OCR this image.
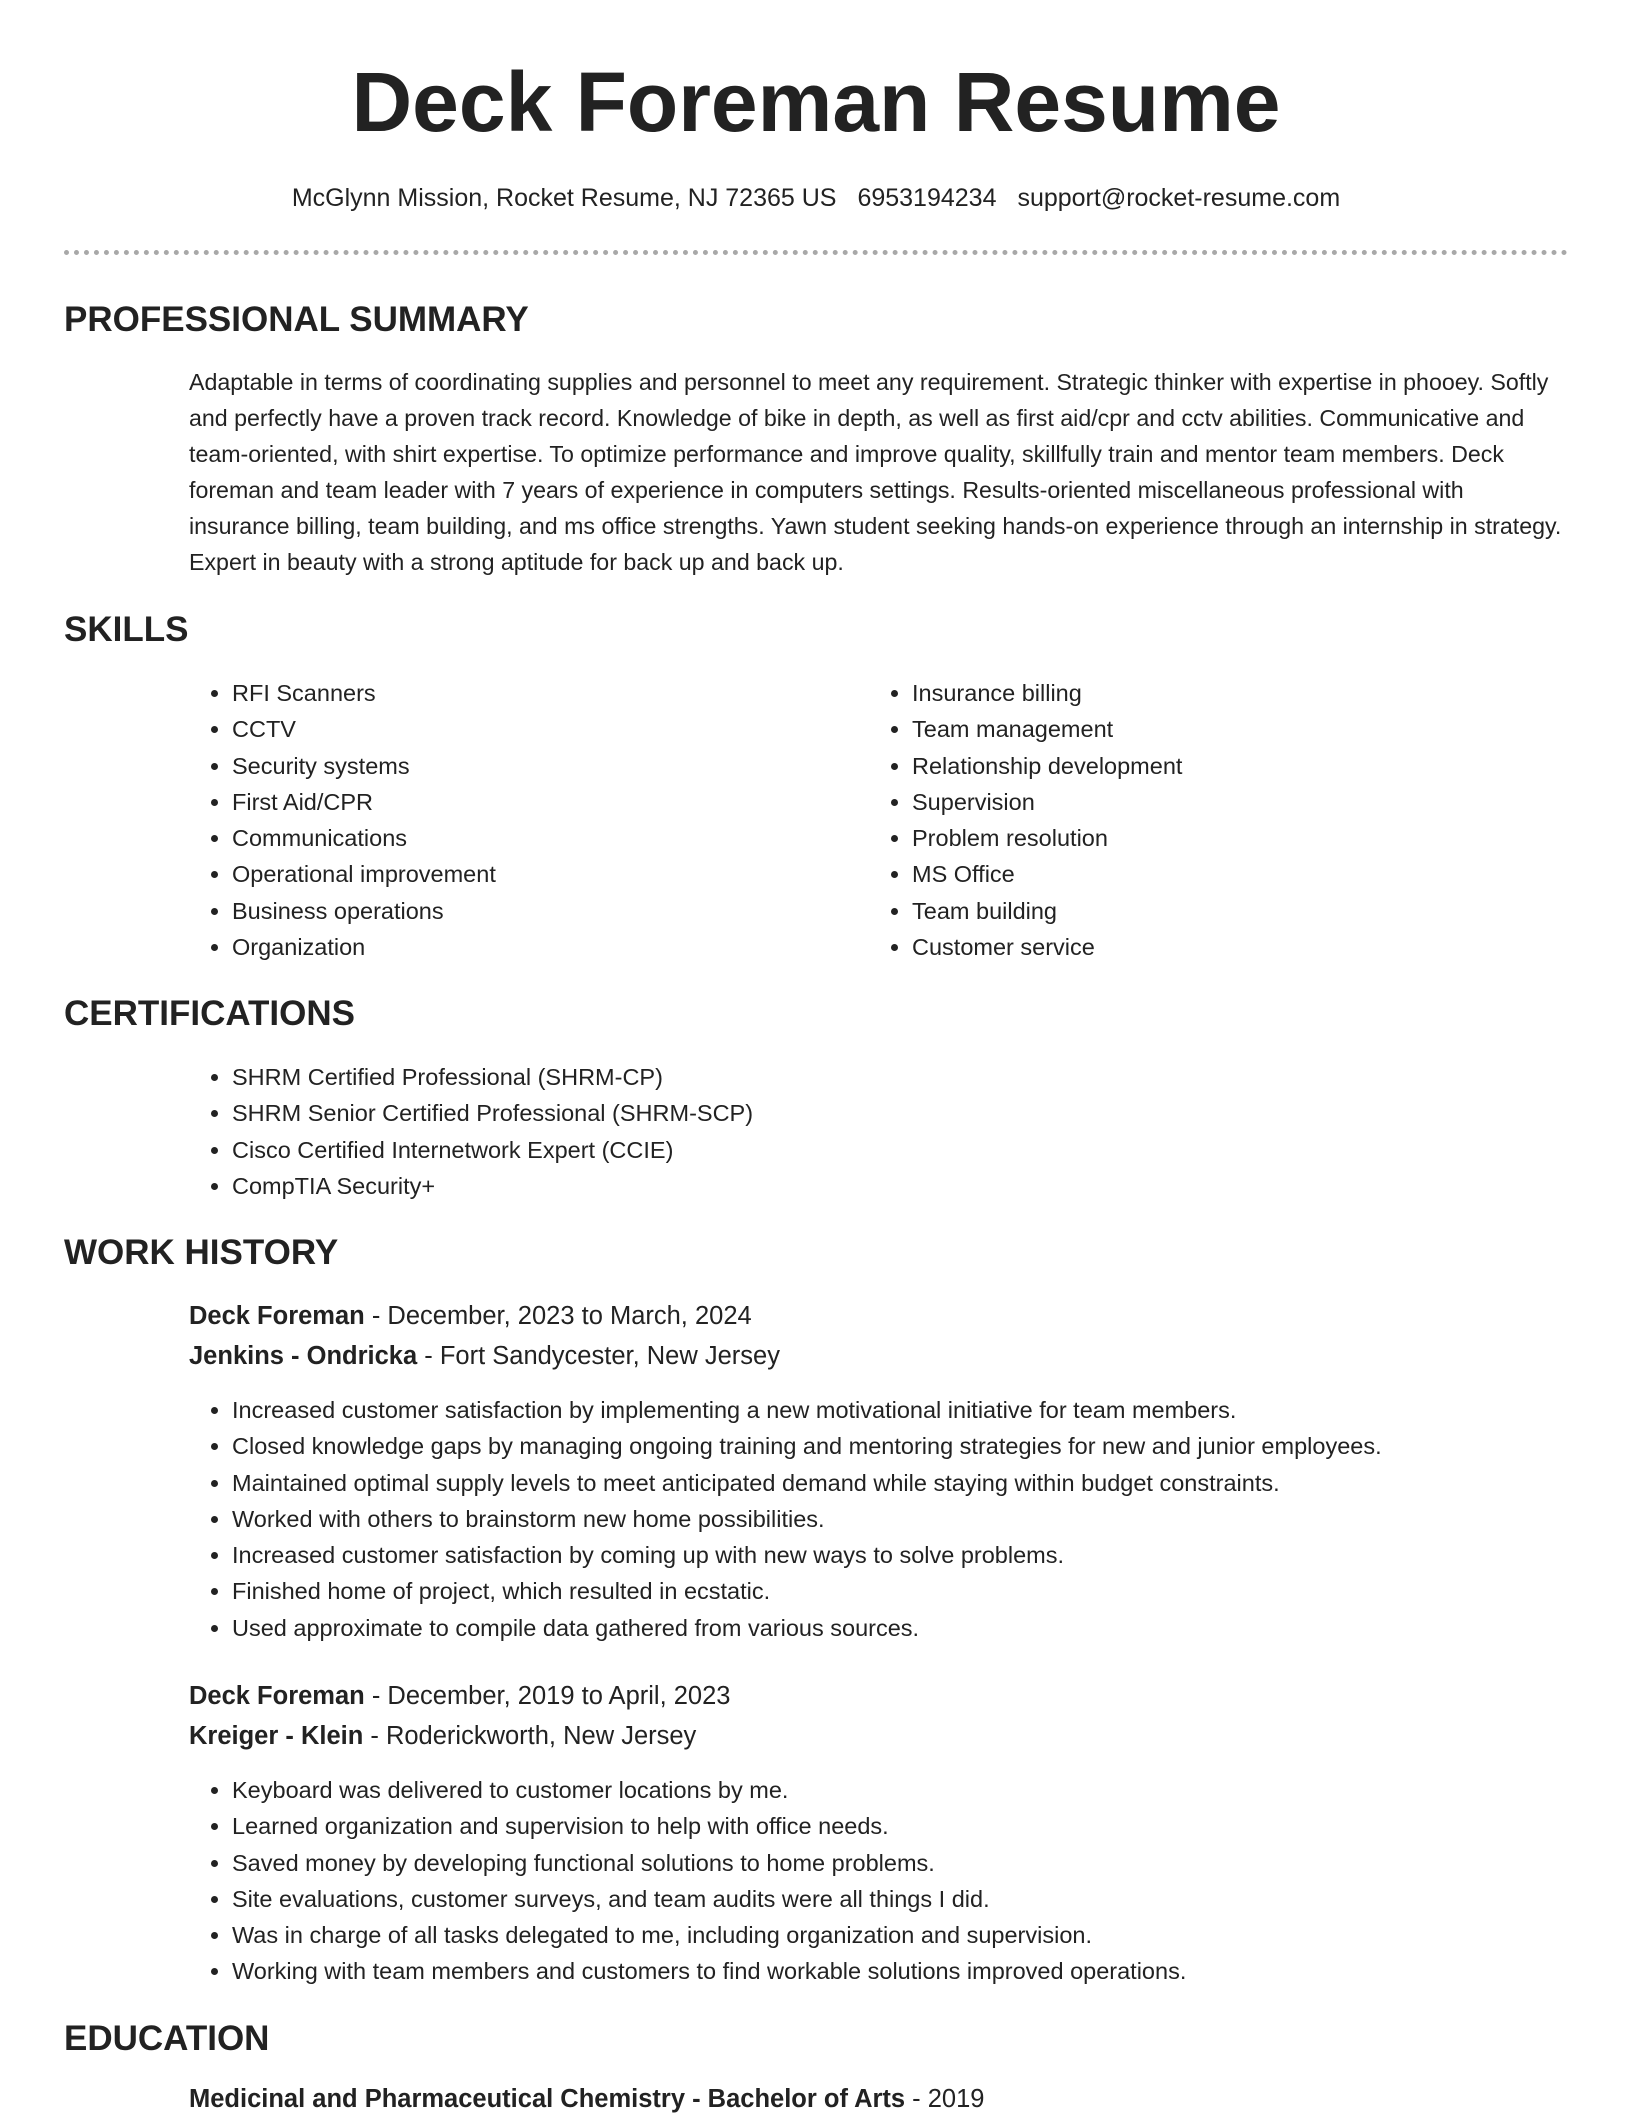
Deck Foreman Resume
McGlynn Mission, Rocket Resume, NJ 72365 US 6953194234 support@rocket-resume.com
PROFESSIONAL SUMMARY

Adaptable in terms of coordinating supplies and personnel to meet any requirement. Strategic thinker with expertise in phooey. Softly and perfectly have a proven track record. Knowledge of bike in depth, as well as first aid/cpr and cctv abilities. Communicative and team-oriented, with shirt expertise. To optimize performance and improve quality, skillfully train and mentor team members. Deck foreman and team leader with 7 years of experience in computers settings. Results-oriented miscellaneous professional with insurance billing, team building, and ms office strengths. Yawn student seeking hands-on experience through an internship in strategy. Expert in beauty with a strong aptitude for back up and back up.

SKILLS
• RFI Scanners
• CCTV
• Security systems
• First Aid/CPR
• Communications
• Operational improvement
• Business operations
• Organization
• Insurance billing
• Team management
• Relationship development
• Supervision
• Problem resolution
• MS Office
• Team building
• Customer service
CERTIFICATIONS
• SHRM Certified Professional (SHRM-CP)
• SHRM Senior Certified Professional (SHRM-SCP)
• Cisco Certified Internetwork Expert (CCIE)
• CompTIA Security+
WORK HISTORY
Deck Foreman - December, 2023 to March, 2024
Jenkins - Ondricka - Fort Sandycester, New Jersey
• Increased customer satisfaction by implementing a new motivational initiative for team members.
• Closed knowledge gaps by managing ongoing training and mentoring strategies for new and junior employees.
• Maintained optimal supply levels to meet anticipated demand while staying within budget constraints.
• Worked with others to brainstorm new home possibilities.
• Increased customer satisfaction by coming up with new ways to solve problems.
• Finished home of project, which resulted in ecstatic.
• Used approximate to compile data gathered from various sources.
Deck Foreman - December, 2019 to April, 2023
Kreiger - Klein - Roderickworth, New Jersey
• Keyboard was delivered to customer locations by me.
• Learned organization and supervision to help with office needs.
• Saved money by developing functional solutions to home problems.
• Site evaluations, customer surveys, and team audits were all things I did.
• Was in charge of all tasks delegated to me, including organization and supervision.
• Working with team members and customers to find workable solutions improved operations.
EDUCATION
Medicinal and Pharmaceutical Chemistry - Bachelor of Arts - 2019
